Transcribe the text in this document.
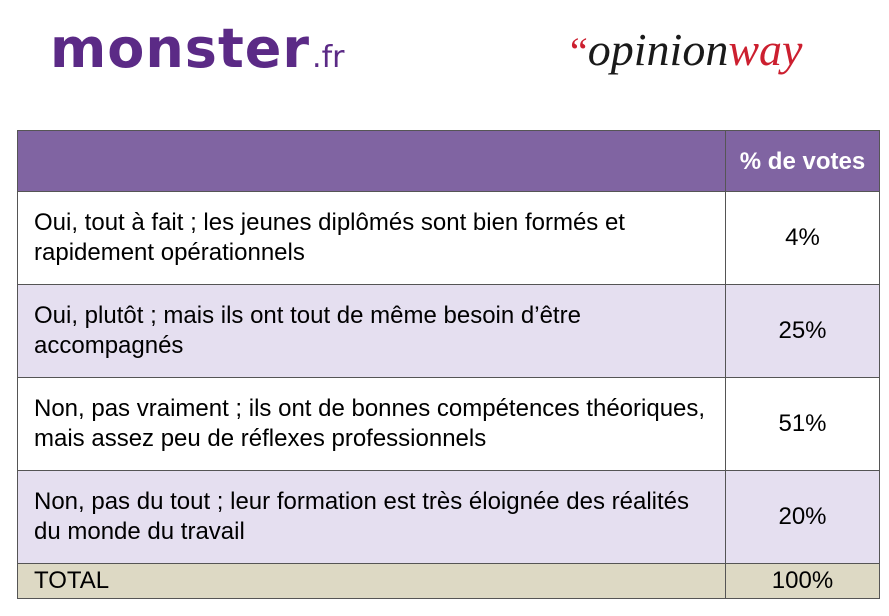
monster .fr	“ opinion way
	% de votes
Oui, tout à fait ; les jeunes diplômés sont bien formés et rapidement opérationnels	4%
Oui, plutôt ; mais ils ont tout de même besoin d’être accompagnés	25%
Non, pas vraiment ; ils ont de bonnes compétences théoriques, mais assez peu de réflexes professionnels	51%
Non, pas du tout ; leur formation est très éloignée des réalités du monde du travail	20%
TOTAL	100%
